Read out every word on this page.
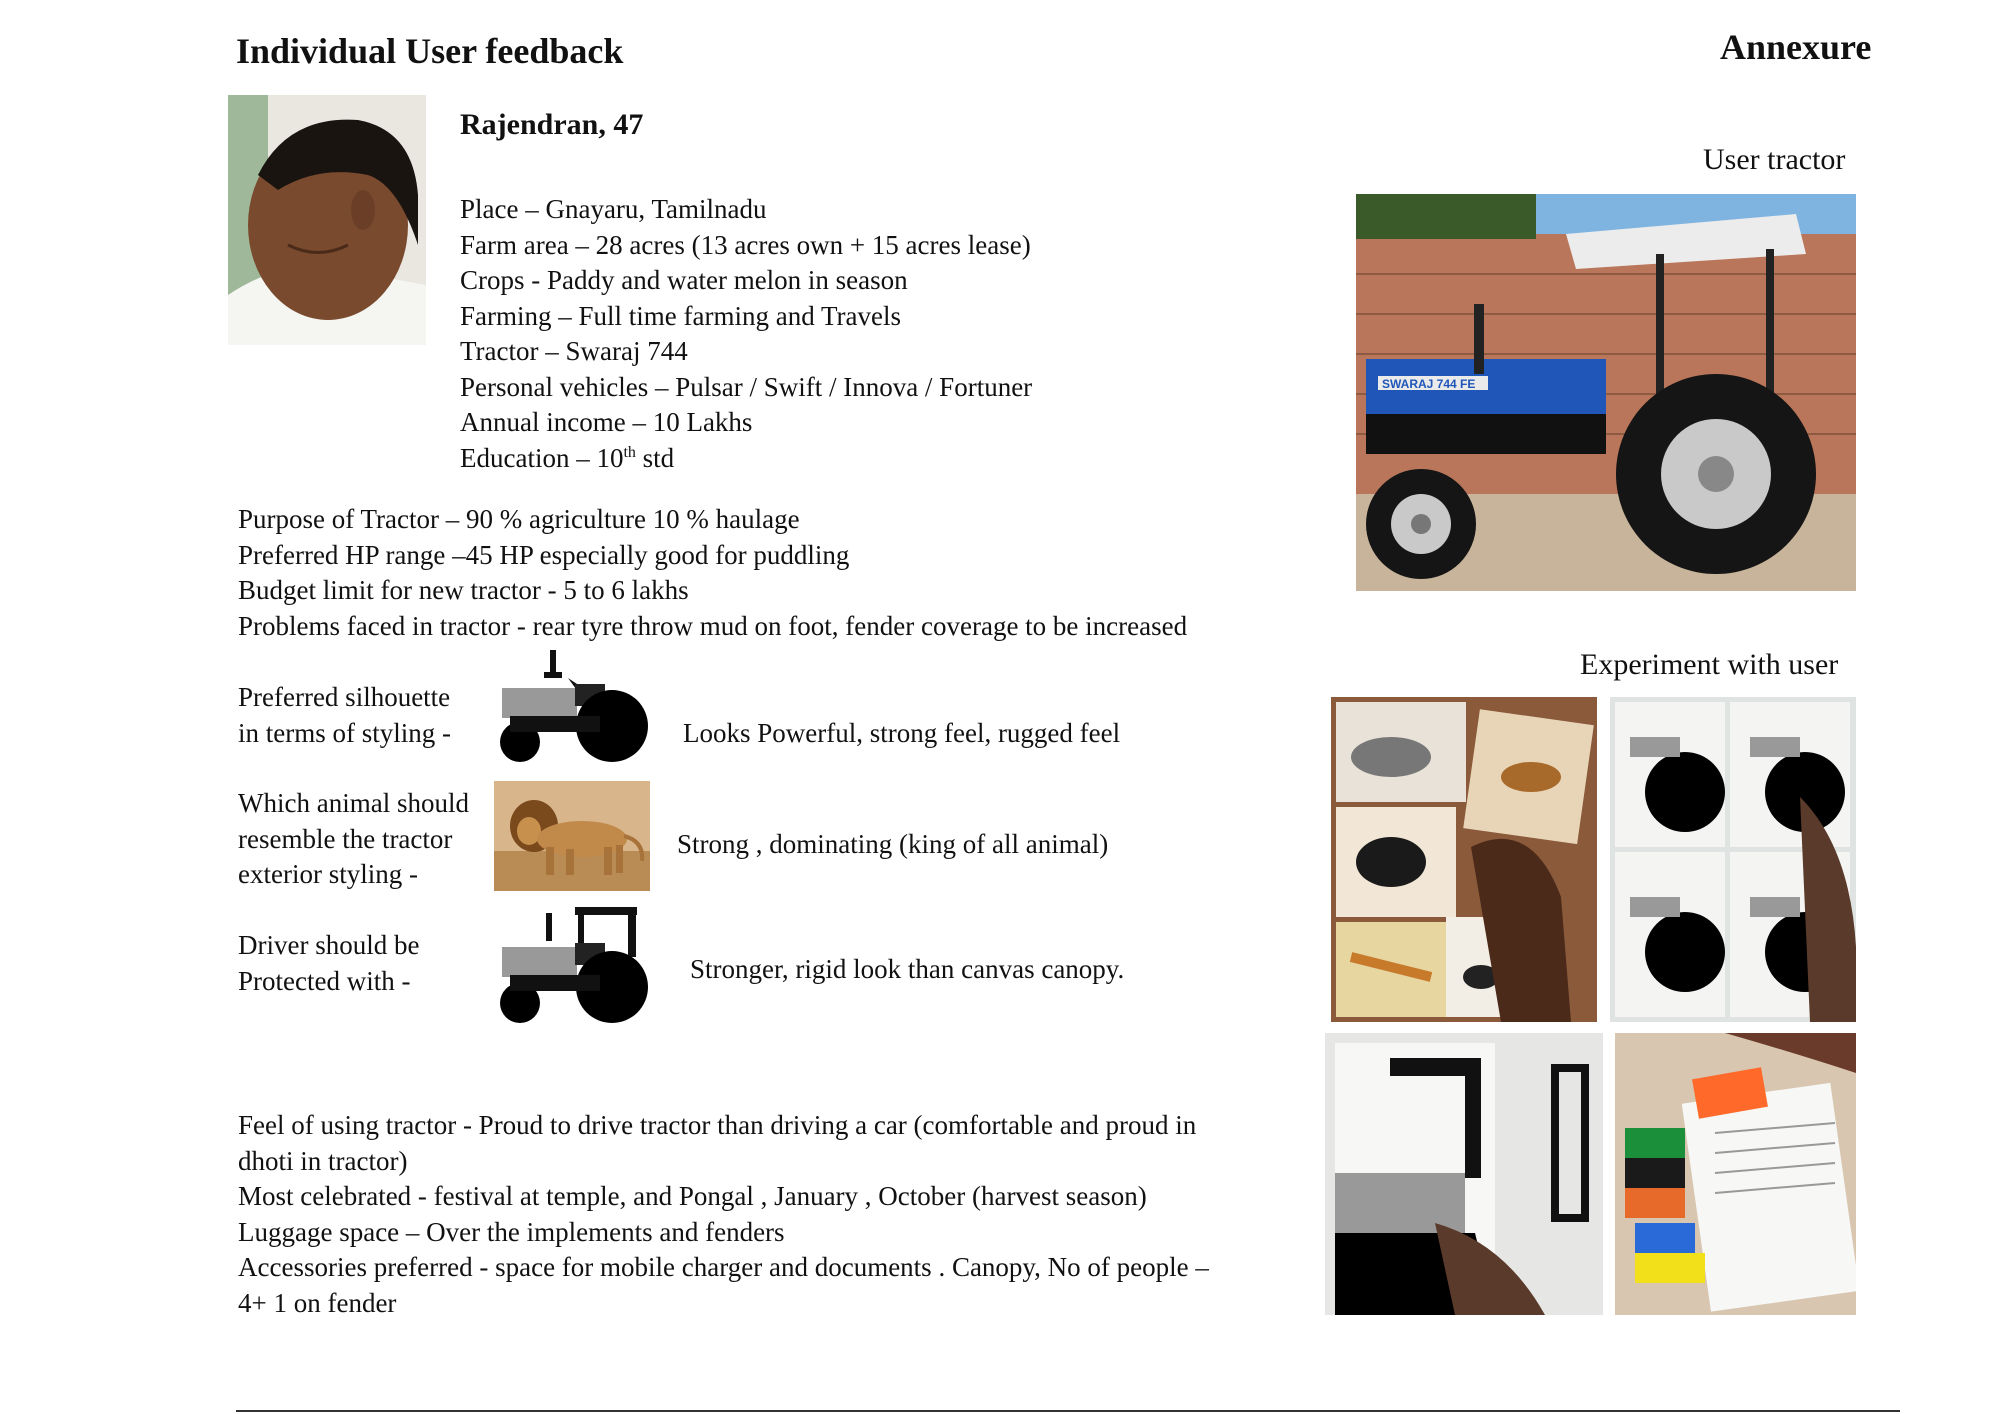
Individual User feedback	Annexure
Rajendran, 47
Place – Gnayaru, Tamilnadu
Farm area – 28 acres (13 acres own + 15 acres lease)
Crops - Paddy and water melon in season
Farming – Full time farming and Travels
Tractor – Swaraj 744
Personal vehicles – Pulsar / Swift / Innova / Fortuner
Annual income – 10 Lakhs
Education – 10th std
Purpose of Tractor – 90 % agriculture 10 % haulage
Preferred HP range –45 HP especially good for puddling
Budget limit for new tractor - 5 to 6 lakhs
Problems faced in tractor - rear tyre throw mud on foot, fender coverage to be increased
Preferred silhouette
in terms of styling -	Looks Powerful, strong feel, rugged feel
Which animal should
resemble the tractor
exterior styling -
Strong , dominating (king of all animal)
Driver should be
Protected with -	Stronger, rigid look than canvas canopy.
Feel of using tractor - Proud to drive tractor than driving a car (comfortable and proud in
dhoti in tractor)
Most celebrated - festival at temple, and Pongal , January , October (harvest season)
Luggage space – Over the implements and fenders
Accessories preferred - space for mobile charger and documents . Canopy, No of people –
4+ 1 on fender
User tractor
SWARAJ 744 FE
Experiment with user
